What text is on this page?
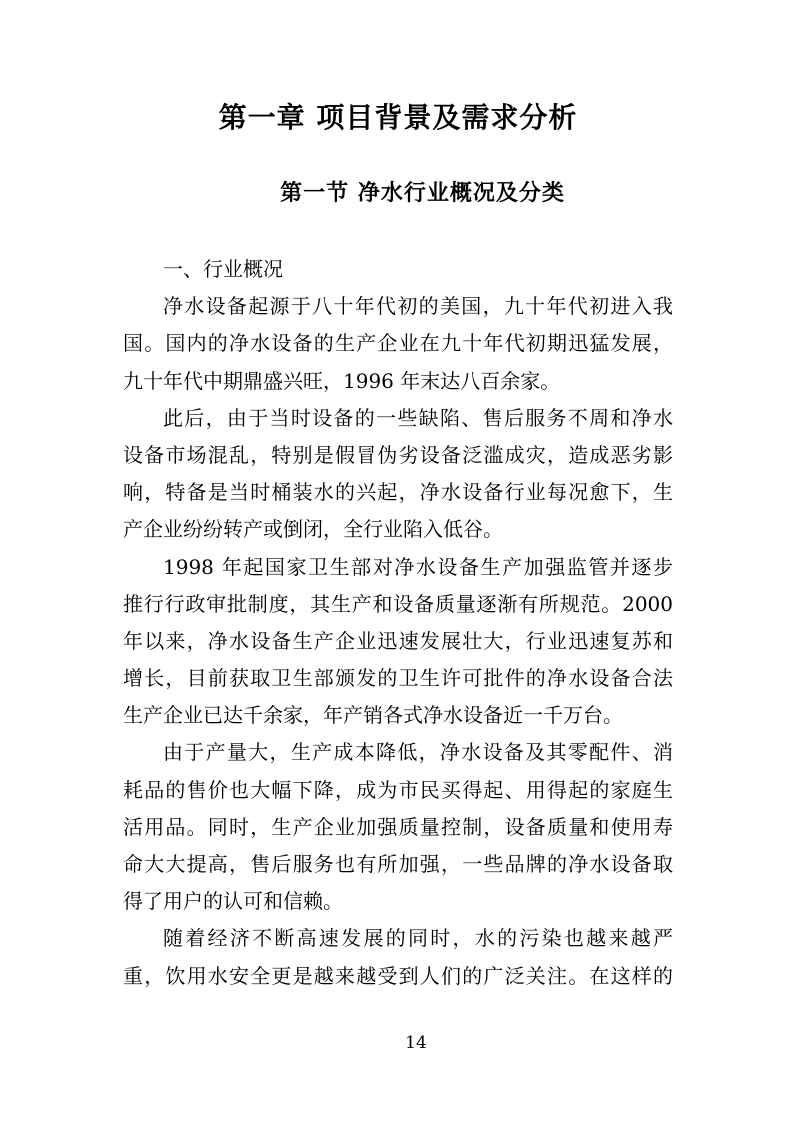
第一章 项目背景及需求分析
第一节 净水行业概况及分类
一、行业概况
净水设备起源于八十年代初的美国，九十年代初进入我
国。国内的净水设备的生产企业在九十年代初期迅猛发展，
九十年代中期鼎盛兴旺，1996 年末达八百余家。
此后，由于当时设备的一些缺陷、售后服务不周和净水
设备市场混乱，特别是假冒伪劣设备泛滥成灾，造成恶劣影
响，特备是当时桶装水的兴起，净水设备行业每况愈下，生
产企业纷纷转产或倒闭，全行业陷入低谷。
1998 年起国家卫生部对净水设备生产加强监管并逐步
推行行政审批制度，其生产和设备质量逐渐有所规范。2000
年以来，净水设备生产企业迅速发展壮大，行业迅速复苏和
增长，目前获取卫生部颁发的卫生许可批件的净水设备合法
生产企业已达千余家，年产销各式净水设备近一千万台。
由于产量大，生产成本降低，净水设备及其零配件、消
耗品的售价也大幅下降，成为市民买得起、用得起的家庭生
活用品。同时，生产企业加强质量控制，设备质量和使用寿
命大大提高，售后服务也有所加强，一些品牌的净水设备取
得了用户的认可和信赖。
随着经济不断高速发展的同时，水的污染也越来越严
重，饮用水安全更是越来越受到人们的广泛关注。在这样的
14
